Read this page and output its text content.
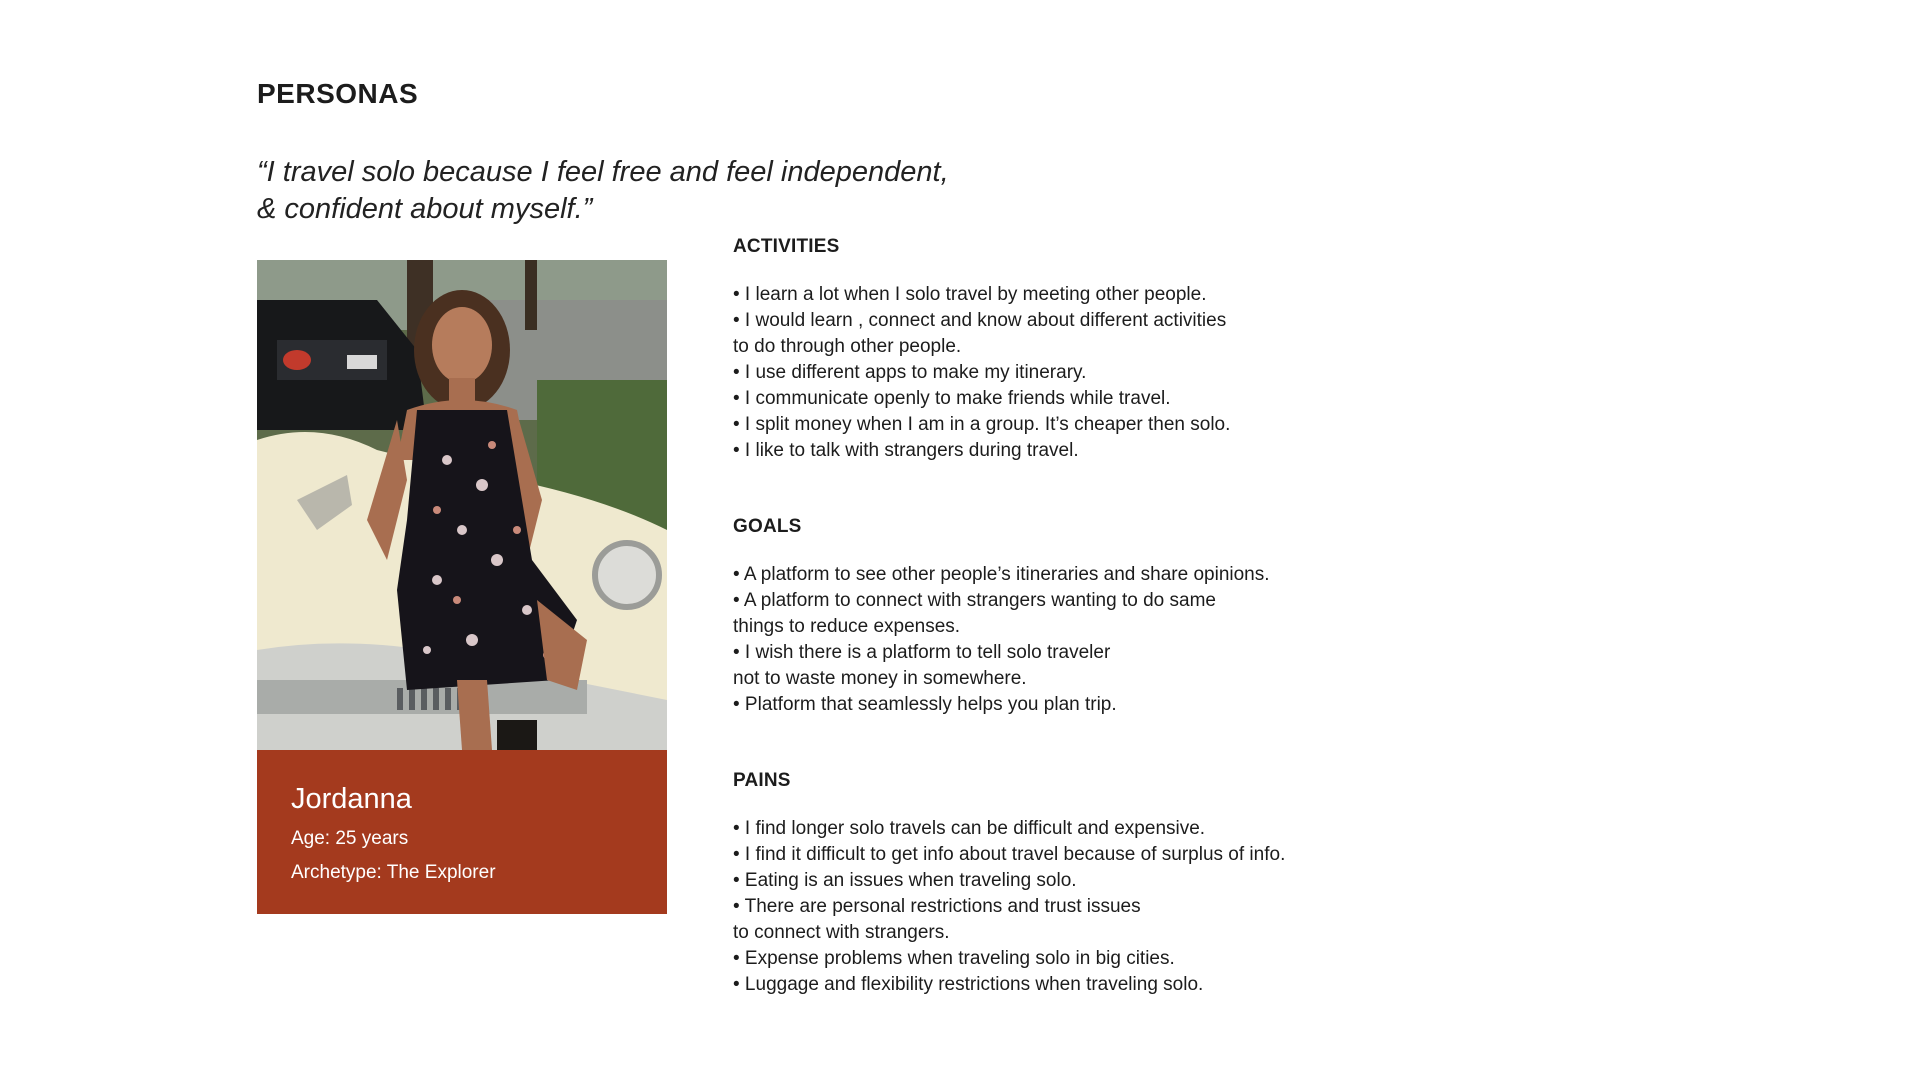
PERSONAS

“I travel solo because I feel free and feel independent,
& confident about myself.”

Jordanna

Age: 25 years

Archetype: The Explorer

ACTIVITIES
• I learn a lot when I solo travel by meeting other people.
• I would learn , connect and know about different activities
to do through other people.
• I use different apps to make my itinerary.
• I communicate openly to make friends while travel.
• I split money when I am in a group. It’s cheaper then solo.
• I like to talk with strangers during travel.
GOALS
• A platform to see other people’s itineraries and share opinions.
• A platform to connect with strangers wanting to do same
things to reduce expenses.
• I wish there is a platform to tell solo traveler
not to waste money in somewhere.
• Platform that seamlessly helps you plan trip.
PAINS
• I find longer solo travels can be difficult and expensive.
• I find it difficult to get info about travel because of surplus of info.
• Eating is an issues when traveling solo.
• There are personal restrictions and trust issues
to connect with strangers.
• Expense problems when traveling solo in big cities.
• Luggage and flexibility restrictions when traveling solo.
